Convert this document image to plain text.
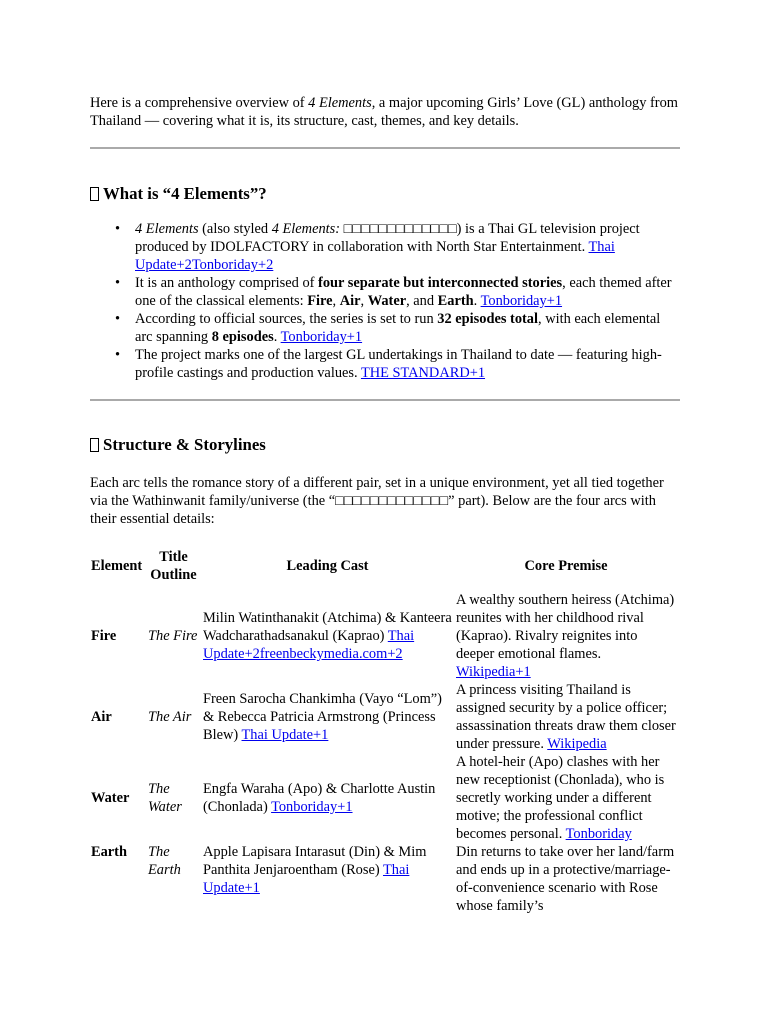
Here is a comprehensive overview of 4 Elements, a major upcoming Girls’ Love (GL) anthology from Thailand — covering what it is, its structure, cast, themes, and key details.

What is “4 Elements”?
• 4 Elements (also styled 4 Elements: □□□□□□□□□□□□□) is a Thai GL television project produced by IDOLFACTORY in collaboration with North Star Entertainment. Thai Update+2Tonboriday+2
• It is an anthology comprised of four separate but interconnected stories, each themed after one of the classical elements: Fire, Air, Water, and Earth. Tonboriday+1
• According to official sources, the series is set to run 32 episodes total, with each elemental arc spanning 8 episodes. Tonboriday+1
• The project marks one of the largest GL undertakings in Thailand to date — featuring high-profile castings and production values. THE STANDARD+1
Structure & Storylines

Each arc tells the romance story of a different pair, set in a unique environment, yet all tied together via the Wathinwanit family/universe (the “□□□□□□□□□□□□□” part). Below are the four arcs with their essential details:

Element	Title Outline	Leading Cast	Core Premise
Fire	The Fire	Milin Watinthanakit (Atchima) & Kanteera Wadcharathadsanakul (Kaprao) Thai Update+2freenbeckymedia.com+2	A wealthy southern heiress (Atchima) reunites with her childhood rival (Kaprao). Rivalry reignites into deeper emotional flames. Wikipedia+1
Air	The Air	Freen Sarocha Chankimha (Vayo “Lom”) & Rebecca Patricia Armstrong (Princess Blew) Thai Update+1	A princess visiting Thailand is assigned security by a police officer; assassination threats draw them closer under pressure. Wikipedia
Water	The Water	Engfa Waraha (Apo) & Charlotte Austin (Chonlada) Tonboriday+1	A hotel-heir (Apo) clashes with her new receptionist (Chonlada), who is secretly working under a different motive; the professional conflict becomes personal. Tonboriday
Earth	The Earth	Apple Lapisara Intarasut (Din) & Mim Panthita Jenjaroentham (Rose) Thai Update+1	Din returns to take over her land/farm and ends up in a protective/marriage-of-convenience scenario with Rose whose family’s
